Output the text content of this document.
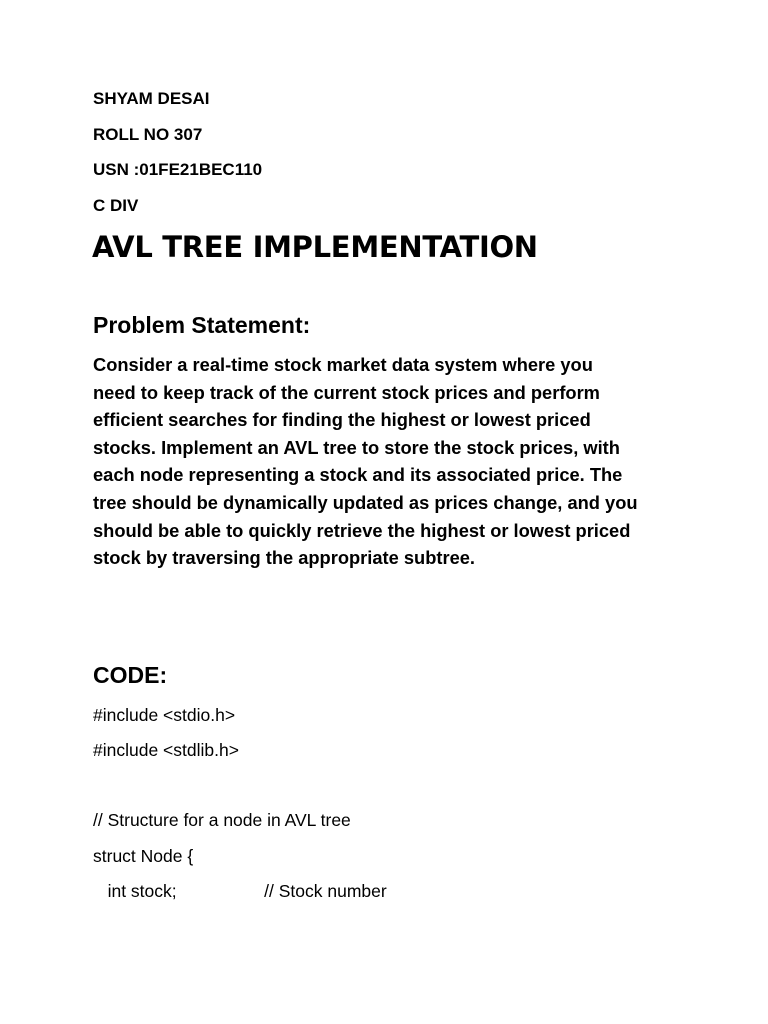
SHYAM DESAI
ROLL NO 307
USN :01FE21BEC110
C DIV
AVL TREE IMPLEMENTATION
Problem Statement:
Consider a real-time stock market data system where you
need to keep track of the current stock prices and perform
efficient searches for finding the highest or lowest priced
stocks. Implement an AVL tree to store the stock prices, with
each node representing a stock and its associated price. The
tree should be dynamically updated as prices change, and you
should be able to quickly retrieve the highest or lowest priced
stock by traversing the appropriate subtree.
CODE:
#include <stdio.h>
#include <stdlib.h>
// Structure for a node in AVL tree
struct Node {
int stock;                  // Stock number
